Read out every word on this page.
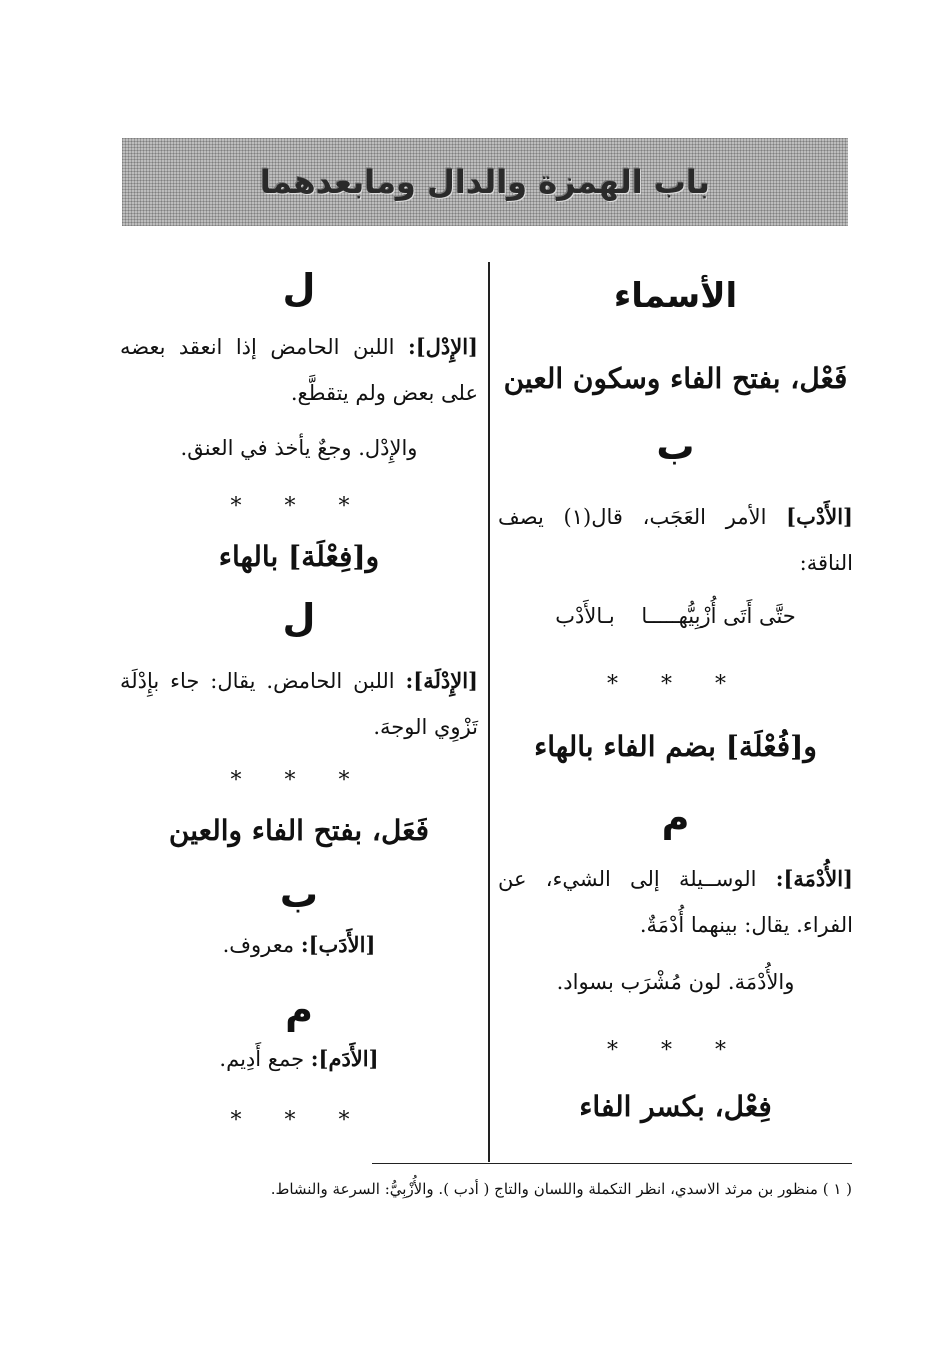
باب الهمزة والدال ومابعدهما
الأسماء
فَعْل، بفتح الفاء وسكون العين
ب
[الأَدْب] الأمر العَجَب، قال(١) يصف الناقة:
حتَّى أَتَى أُزْبِيُّهـــــا    بـالأَدْب
* * *
و[فُعْلَة] بضم الفاء بالهاء
م
[الأُدْمَة]: الوســيلة إلى الشيء، عن الفراء. يقال: بينهما أُدْمَةٌ.
والأُدْمَة. لون مُشْرَب بسواد.
* * *
فِعْل، بكسر الفاء
ل
[الإِدْل]: اللبن الحامض إذا انعقد بعضه على بعض ولم يتقطَّع.
والإِدْل. وجعٌ يأخذ في العنق.
* * *
و[فِعْلَة] بالهاء
ل
[الإِدْلَة]: اللبن الحامض. يقال: جاء بإِدْلَة تَزْوِي الوجهَ.
* * *
فَعَل، بفتح الفاء والعين
ب
[الأَدَب]: معروف.
م
[الأَدَم]: جمع أَدِيم.
* * *
( ١ ) منظور بن مرثد الاسدي، انظر التكملة واللسان والتاج ( أدب ). والأُزْبِيُّ: السرعة والنشاط.
